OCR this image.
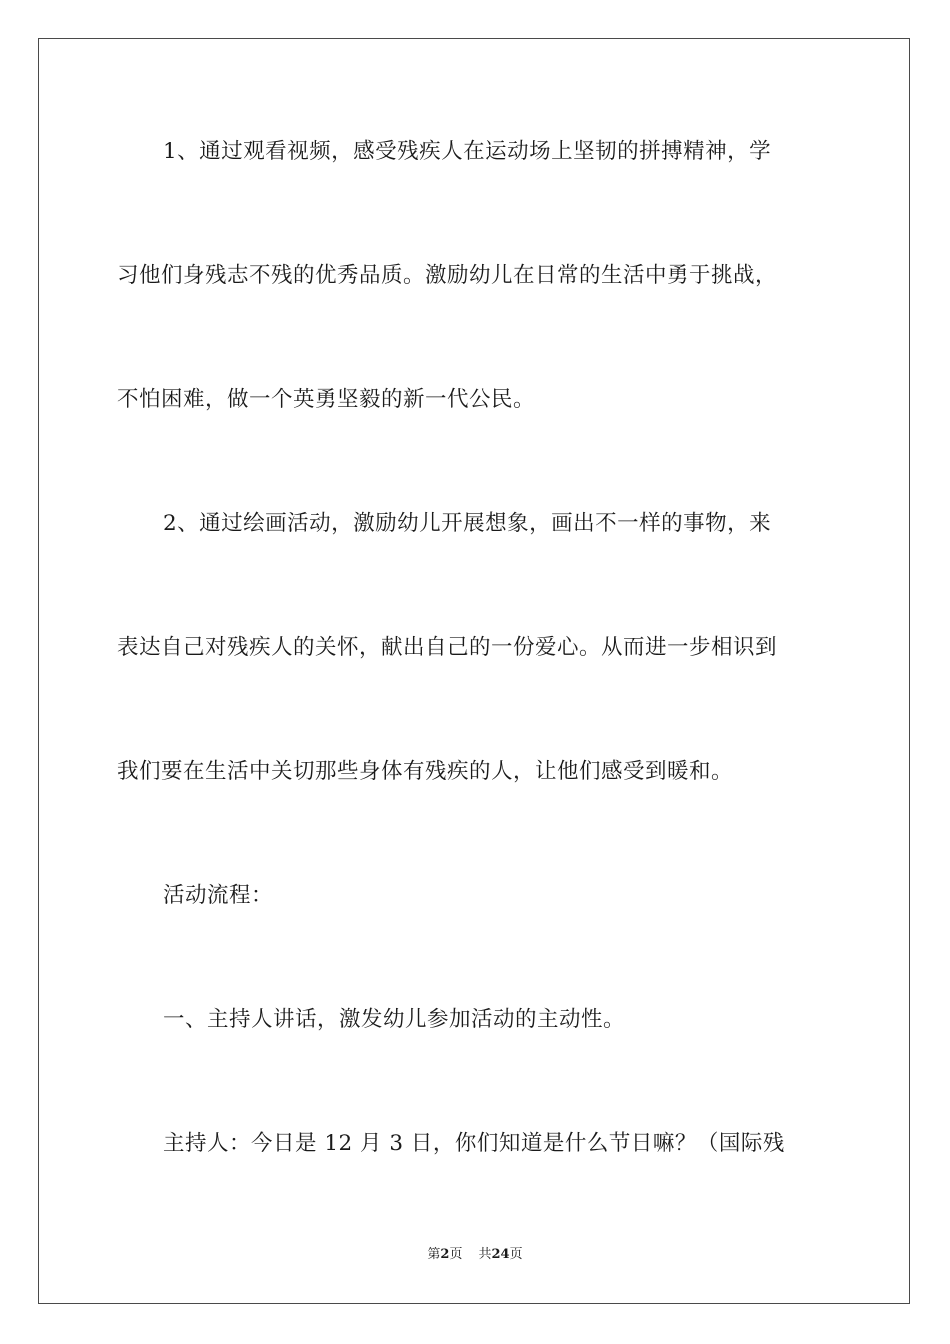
1、通过观看视频，感受残疾人在运动场上坚韧的拼搏精神，学
习他们身残志不残的优秀品质。激励幼儿在日常的生活中勇于挑战，
不怕困难，做一个英勇坚毅的新一代公民。
2、通过绘画活动，激励幼儿开展想象，画出不一样的事物，来
表达自己对残疾人的关怀，献出自己的一份爱心。从而进一步相识到
我们要在生活中关切那些身体有残疾的人，让他们感受到暖和。
活动流程：
一、主持人讲话，激发幼儿参加活动的主动性。
主持人：今日是 12 月 3 日，你们知道是什么节日嘛？（国际残
第2页 共24页
